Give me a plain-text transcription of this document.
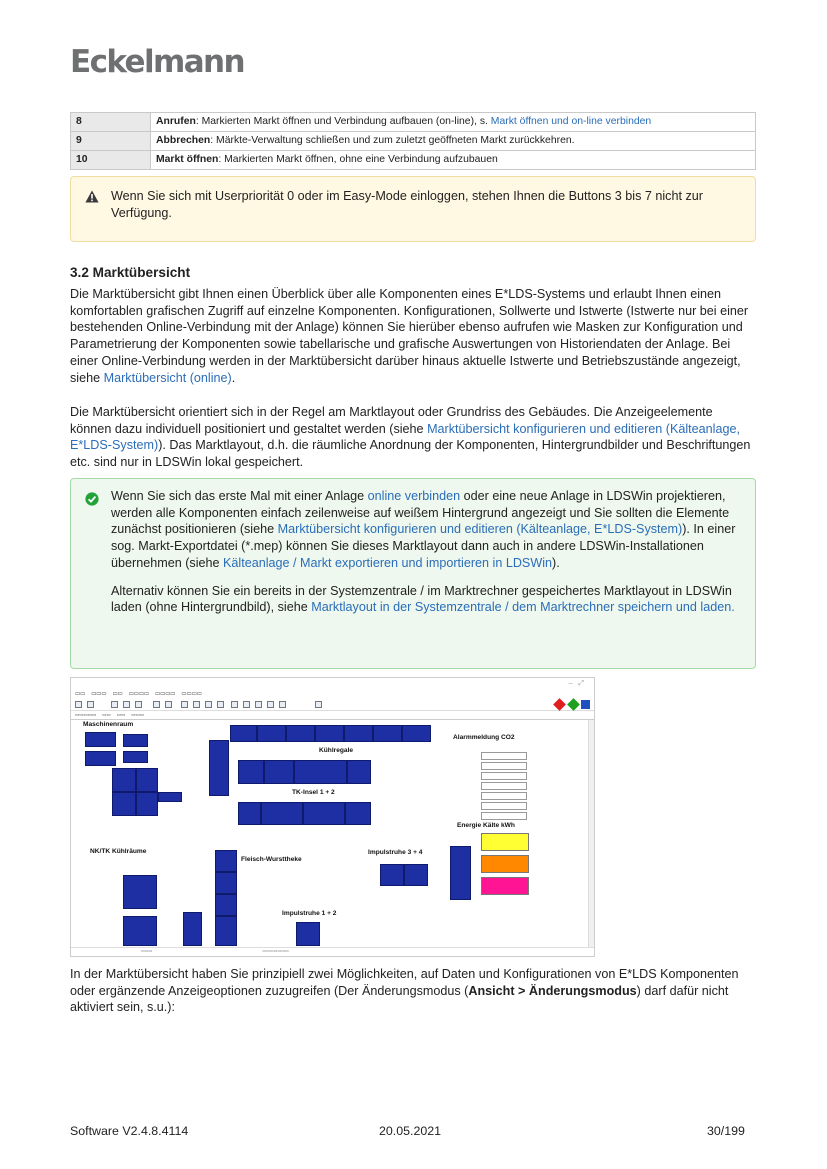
Eckelmann
8	Anrufen: Markierten Markt öffnen und Verbindung aufbauen (on-line), s. Markt öffnen und on-line verbinden
9	Abbrechen: Märkte-Verwaltung schließen und zum zuletzt geöffneten Markt zurückkehren.
10	Markt öffnen: Markierten Markt öffnen, ohne eine Verbindung aufzubauen

Wenn Sie sich mit Userpriorität 0 oder im Easy-Mode einloggen, stehen Ihnen die Buttons 3 bis 7 nicht zur Verfügung.

3.2 Marktübersicht
Die Marktübersicht gibt Ihnen einen Überblick über alle Komponenten eines E*LDS-Systems und erlaubt Ihnen einen komfortablen grafischen Zugriff auf einzelne Komponenten. Konfigurationen, Sollwerte und Istwerte (Istwerte nur bei einer bestehenden Online-Verbindung mit der Anlage) können Sie hierüber ebenso aufrufen wie Masken zur Konfiguration und Parametrierung der Komponenten sowie tabellarische und grafische Auswertungen von Historiendaten der Anlage. Bei einer Online-Verbindung werden in der Marktübersicht darüber hinaus aktuelle Istwerte und Betriebszustände angezeigt, siehe Marktübersicht (online).
Die Marktübersicht orientiert sich in der Regel am Marktlayout oder Grundriss des Gebäudes. Die Anzeigeelemente können dazu individuell positioniert und gestaltet werden (siehe Marktübersicht konfigurieren und editieren (Kälteanlage, E*LDS-System)). Das Marktlayout, d.h. die räumliche Anordnung der Komponenten, Hintergrundbilder und Beschriftungen etc. sind nur in LDSWin lokal gespeichert.

Wenn Sie sich das erste Mal mit einer Anlage online verbinden oder eine neue Anlage in LDSWin projektieren, werden alle Komponenten einfach zeilenweise auf weißem Hintergrund angezeigt und Sie sollten die Elemente zunächst positionieren (siehe Marktübersicht konfigurieren und editieren (Kälteanlage, E*LDS-System)). In einer sog. Markt-Exportdatei (*.mep) können Sie dieses Marktlayout dann auch in andere LDSWin-Installationen übernehmen (siehe Kälteanlage / Markt exportieren und importieren in LDSWin).

Alternativ können Sie ein bereits in der Systemzentrale / im Marktrechner gespeichertes Marktlayout in LDSWin laden (ohne Hintergrundbild), siehe Marktlayout in der Systemzentrale / dem Marktrechner speichern und laden.

–   ⤢
▭▭ ▭▭▭ ▭▭ ▭▭▭▭ ▭▭▭▭ ▭▭▭▭
▭▭▭▭▭ ▭▭ ▭▭ ▭▭▭
Maschinenraum
Kühlregale
TK-Insel 1 + 2
Alarmmeldung CO2
Energie Kälte kWh
NK/TK Kühlräume
Fleisch-Wursttheke
Impulstruhe 3 + 4
Impulstruhe 1 + 2
▭▭▭	▭▭▭▭▭▭▭
In der Marktübersicht haben Sie prinzipiell zwei Möglichkeiten, auf Daten und Konfigurationen von E*LDS Komponenten oder ergänzende Anzeigeoptionen zuzugreifen (Der Änderungsmodus (Ansicht > Änderungsmodus) darf dafür nicht aktiviert sein, s.u.):
Software V2.4.8.4114	20.05.2021	30/199
